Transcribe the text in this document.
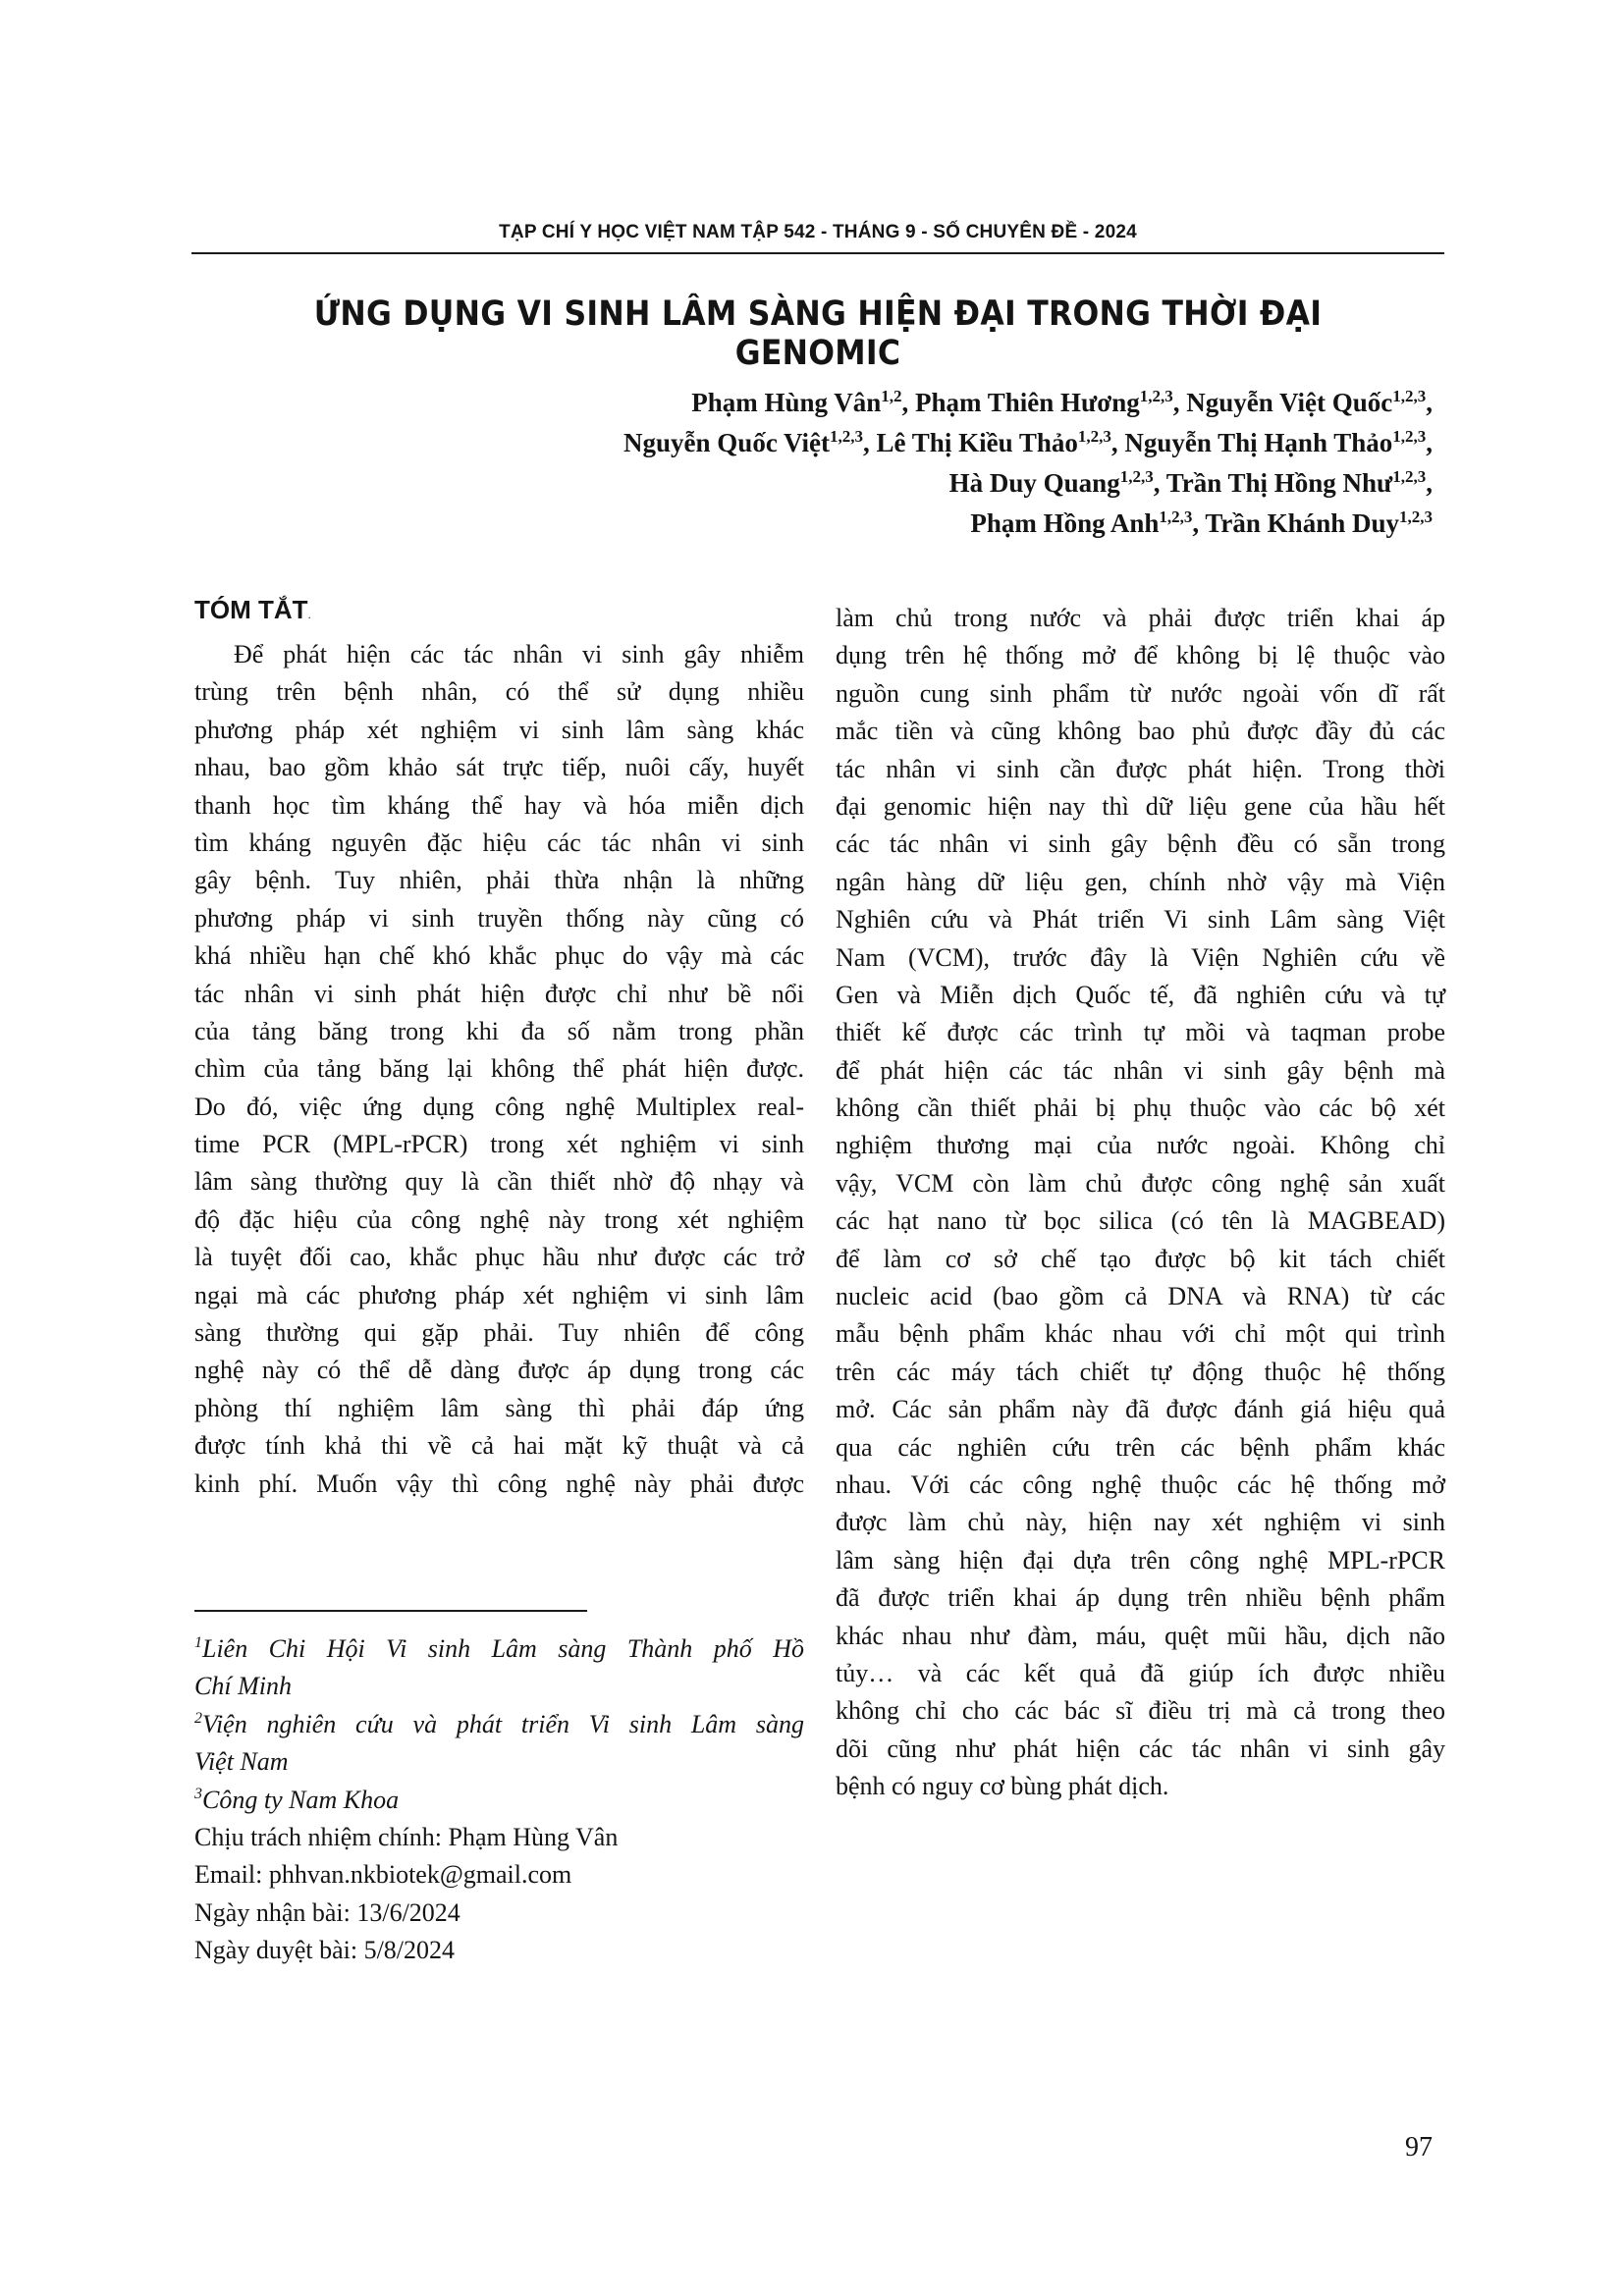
TẠP CHÍ Y HỌC VIỆT NAM TẬP 542 - THÁNG 9 - SỐ CHUYÊN ĐỀ - 2024
ỨNG DỤNG VI SINH LÂM SÀNG HIỆN ĐẠI TRONG THỜI ĐẠI GENOMIC
Phạm Hùng Vân$^{1,2}$, Phạm Thiên Hương$^{1,2,3}$, Nguyễn Việt Quốc$^{1,2,3}$,
Nguyễn Quốc Việt$^{1,2,3}$, Lê Thị Kiều Thảo$^{1,2,3}$, Nguyễn Thị Hạnh Thảo$^{1,2,3}$,
Hà Duy Quang$^{1,2,3}$, Trần Thị Hồng Như$^{1,2,3}$,
Phạm Hồng Anh$^{1,2,3}$, Trần Khánh Duy$^{1,2,3}$
TÓM TẮT.
Để phát hiện các tác nhân vi sinh gây nhiễm
trùng trên bệnh nhân, có thể sử dụng nhiều
phương pháp xét nghiệm vi sinh lâm sàng khác
nhau, bao gồm khảo sát trực tiếp, nuôi cấy, huyết
thanh học tìm kháng thể hay và hóa miễn dịch
tìm kháng nguyên đặc hiệu các tác nhân vi sinh
gây bệnh. Tuy nhiên, phải thừa nhận là những
phương pháp vi sinh truyền thống này cũng có
khá nhiều hạn chế khó khắc phục do vậy mà các
tác nhân vi sinh phát hiện được chỉ như bề nổi
của tảng băng trong khi đa số nằm trong phần
chìm của tảng băng lại không thể phát hiện được.
Do đó, việc ứng dụng công nghệ Multiplex real-
time PCR (MPL-rPCR) trong xét nghiệm vi sinh
lâm sàng thường quy là cần thiết nhờ độ nhạy và
độ đặc hiệu của công nghệ này trong xét nghiệm
là tuyệt đối cao, khắc phục hầu như được các trở
ngại mà các phương pháp xét nghiệm vi sinh lâm
sàng thường qui gặp phải. Tuy nhiên để công
nghệ này có thể dễ dàng được áp dụng trong các
phòng thí nghiệm lâm sàng thì phải đáp ứng
được tính khả thi về cả hai mặt kỹ thuật và cả
kinh phí. Muốn vậy thì công nghệ này phải được
làm chủ trong nước và phải được triển khai áp
dụng trên hệ thống mở để không bị lệ thuộc vào
nguồn cung sinh phẩm từ nước ngoài vốn dĩ rất
mắc tiền và cũng không bao phủ được đầy đủ các
tác nhân vi sinh cần được phát hiện. Trong thời
đại genomic hiện nay thì dữ liệu gene của hầu hết
các tác nhân vi sinh gây bệnh đều có sẵn trong
ngân hàng dữ liệu gen, chính nhờ vậy mà Viện
Nghiên cứu và Phát triển Vi sinh Lâm sàng Việt
Nam (VCM), trước đây là Viện Nghiên cứu về
Gen và Miễn dịch Quốc tế, đã nghiên cứu và tự
thiết kế được các trình tự mồi và taqman probe
để phát hiện các tác nhân vi sinh gây bệnh mà
không cần thiết phải bị phụ thuộc vào các bộ xét
nghiệm thương mại của nước ngoài. Không chỉ
vậy, VCM còn làm chủ được công nghệ sản xuất
các hạt nano từ bọc silica (có tên là MAGBEAD)
để làm cơ sở chế tạo được bộ kit tách chiết
nucleic acid (bao gồm cả DNA và RNA) từ các
mẫu bệnh phẩm khác nhau với chỉ một qui trình
trên các máy tách chiết tự động thuộc hệ thống
mở. Các sản phẩm này đã được đánh giá hiệu quả
qua các nghiên cứu trên các bệnh phẩm khác
nhau. Với các công nghệ thuộc các hệ thống mở
được làm chủ này, hiện nay xét nghiệm vi sinh
lâm sàng hiện đại dựa trên công nghệ MPL-rPCR
đã được triển khai áp dụng trên nhiều bệnh phẩm
khác nhau như đàm, máu, quệt mũi hầu, dịch não
tủy… và các kết quả đã giúp ích được nhiều
không chỉ cho các bác sĩ điều trị mà cả trong theo
dõi cũng như phát hiện các tác nhân vi sinh gây
bệnh có nguy cơ bùng phát dịch.
$^1$Liên Chi Hội Vi sinh Lâm sàng Thành phố Hồ
Chí Minh
$^2$Viện nghiên cứu và phát triển Vi sinh Lâm sàng
Việt Nam
$^3$Công ty Nam Khoa
Chịu trách nhiệm chính: Phạm Hùng Vân
Email: phhvan.nkbiotek@gmail.com
Ngày nhận bài: 13/6/2024
Ngày duyệt bài: 5/8/2024
97
